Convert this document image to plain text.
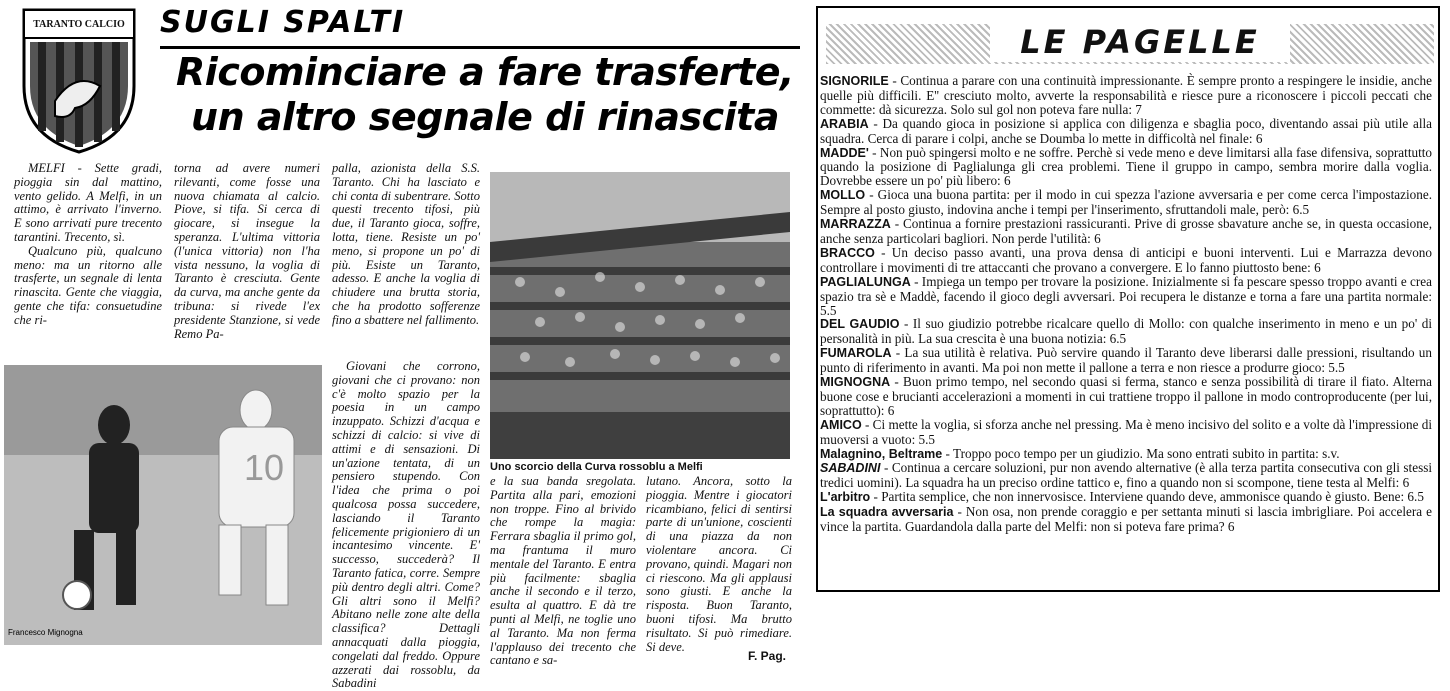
TARANTO CALCIO SUGLI SPALTI
Ricominciare a fare trasferte,
un altro segnale di rinascita

MELFI - Sette gradi, pioggia sin dal mattino, vento gelido. A Melfi, in un attimo, è arrivato l'inverno. E sono arrivati pure trecento tarantini. Trecento, sì.

Qualcuno più, qualcuno meno: ma un ritorno alle trasferte, un segnale di lenta rinascita. Gente che viaggia, gente che tifa: consuetudine che ri-

torna ad avere numeri rilevanti, come fosse una nuova chiamata al calcio. Piove, si tifa. Si cerca di giocare, si insegue la speranza. L'ultima vittoria (l'unica vittoria) non l'ha vista nessuno, la voglia di Taranto è cresciuta. Gente da curva, ma anche gente da tribuna: si rivede l'ex presidente Stanzione, si vede Remo Pa-

palla, azionista della S.S. Taranto. Chi ha lasciato e chi conta di subentrare. Sotto questi trecento tifosi, più due, il Taranto gioca, soffre, lotta, tiene. Resiste un po' meno, si propone un po' di più. Esiste un Taranto, adesso. E anche la voglia di chiudere una brutta storia, che ha prodotto sofferenze fino a sbattere nel fallimento.

Giovani che corrono, giovani che ci provano: non c'è molto spazio per la poesia in un campo inzuppato. Schizzi d'acqua e schizzi di calcio: si vive di attimi e di sensazioni. Di un'azione tentata, di un pensiero stupendo. Con l'idea che prima o poi qualcosa possa succedere, lasciando il Taranto felicemente prigioniero di un incantesimo vincente. E' successo, succederà? Il Taranto fatica, corre. Sempre più dentro degli altri. Come? Gli altri sono il Melfi? Abitano nelle zone alte della classifica? Dettagli annacquati dalla pioggia, congelati dal freddo. Oppure azzerati dai rossoblu, da Sabadini

e la sua banda sregolata. Partita alla pari, emozioni non troppe. Fino al brivido che rompe la magia: Ferrara sbaglia il primo gol, ma frantuma il muro mentale del Taranto. E entra più facilmente: sbaglia anche il secondo e il terzo, esulta al quattro. E dà tre punti al Melfi, ne toglie uno al Taranto. Ma non ferma l'applauso dei trecento che cantano e sa-

lutano. Ancora, sotto la pioggia. Mentre i giocatori ricambiano, felici di sentirsi parte di un'unione, coscienti di una piazza da non violentare ancora. Ci provano, quindi. Magari non ci riescono. Ma gli applausi sono giusti. E anche la risposta. Buon Taranto, buoni tifosi. Ma brutto risultato. Si può rimediare. Si deve.

10
Francesco Mignogna
Uno scorcio della Curva rossoblu a Melfi
F. Pag.
LE PAGELLE

SIGNORILE - Continua a parare con una continuità impressionante. È sempre pronto a respingere le insidie, anche quelle più difficili. E'' cresciuto molto, avverte la responsabilità e riesce pure a riconoscere i piccoli peccati che commette: dà sicurezza. Solo sul gol non poteva fare nulla: 7

ARABIA - Da quando gioca in posizione si applica con diligenza e sbaglia poco, diventando assai più utile alla squadra. Cerca di parare i colpi, anche se Doumba lo mette in difficoltà nel finale: 6

MADDE' - Non può spingersi molto e ne soffre. Perchè si vede meno e deve limitarsi alla fase difensiva, soprattutto quando la posizione di Paglialunga gli crea problemi. Tiene il gruppo in campo, sembra morire dalla voglia. Dovrebbe essere un po' più libero: 6

MOLLO - Gioca una buona partita: per il modo in cui spezza l'azione avversaria e per come cerca l'impostazione. Sempre al posto giusto, indovina anche i tempi per l'inserimento, sfruttandoli male, però: 6.5

MARRAZZA - Continua a fornire prestazioni rassicuranti. Prive di grosse sbavature anche se, in questa occasione, anche senza particolari bagliori. Non perde l'utilità: 6

BRACCO - Un deciso passo avanti, una prova densa di anticipi e buoni interventi. Lui e Marrazza devono controllare i movimenti di tre attaccanti che provano a convergere. E lo fanno piuttosto bene: 6

PAGLIALUNGA - Impiega un tempo per trovare la posizione. Inizialmente si fa pescare spesso troppo avanti e crea spazio tra sè e Maddè, facendo il gioco degli avversari. Poi recupera le distanze e torna a fare una partita normale: 5.5

DEL GAUDIO - Il suo giudizio potrebbe ricalcare quello di Mollo: con qualche inserimento in meno e un po' di personalità in più. La sua crescita è una buona notizia: 6.5

FUMAROLA - La sua utilità è relativa. Può servire quando il Taranto deve liberarsi dalle pressioni, risultando un punto di riferimento in avanti. Ma poi non mette il pallone a terra e non riesce a produrre gioco: 5.5

MIGNOGNA - Buon primo tempo, nel secondo quasi si ferma, stanco e senza possibilità di tirare il fiato. Alterna buone cose e brucianti accelerazioni a momenti in cui trattiene troppo il pallone in modo controproducente (per lui, soprattutto): 6

AMICO - Ci mette la voglia, si sforza anche nel pressing. Ma è meno incisivo del solito e a volte dà l'impressione di muoversi a vuoto: 5.5

Malagnino, Beltrame - Troppo poco tempo per un giudizio. Ma sono entrati subito in partita: s.v.

SABADINI - Continua a cercare soluzioni, pur non avendo alternative (è alla terza partita consecutiva con gli stessi tredici uomini). La squadra ha un preciso ordine tattico e, fino a quando non si scompone, tiene testa al Melfi: 6

L'arbitro - Partita semplice, che non innervosisce. Interviene quando deve, ammonisce quando è giusto. Bene: 6.5

La squadra avversaria - Non osa, non prende coraggio e per settanta minuti si lascia imbrigliare. Poi accelera e vince la partita. Guardandola dalla parte del Melfi: non si poteva fare prima? 6
